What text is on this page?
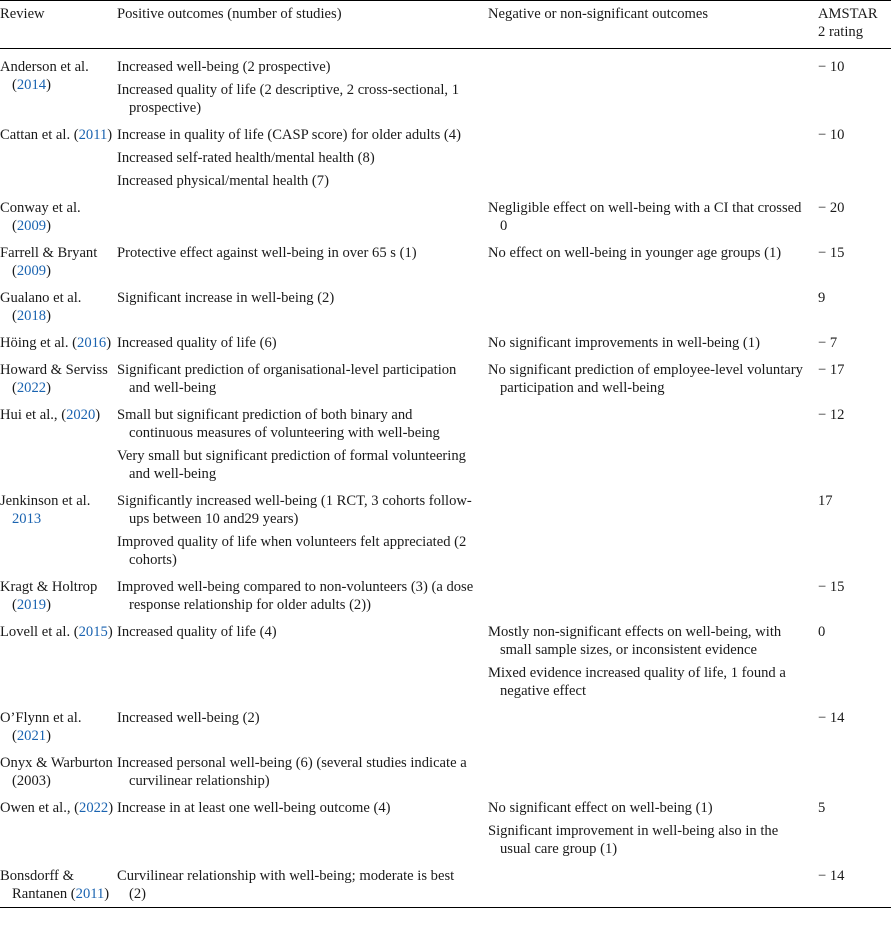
Review	Positive outcomes (number of studies)	Negative or non-significant outcomes	AMSTAR 2 rating

Anderson et al. (2014)	Increased well-being (2 prospective)
Increased quality of life (2 descriptive, 2 cross-sectional, 1 prospective)		− 10

Cattan et al. (2011)	Increase in quality of life (CASP score) for older adults (4)
Increased self-rated health/mental health (8)
Increased physical/mental health (7)		− 10

Conway et al. (2009)		Negligible effect on well-being with a CI that crossed 0	− 20

Farrell & Bryant (2009)	Protective effect against well-being in over 65 s (1)	No effect on well-being in younger age groups (1)	− 15

Gualano et al. (2018)	Significant increase in well-being (2)		9

Höing et al. (2016)	Increased quality of life (6)	No significant improvements in well-being (1)	− 7

Howard & Serviss (2022)	Significant prediction of organisational-level participation and well-being	No significant prediction of employee-level voluntary participation and well-being	− 17

Hui et al., (2020)	Small but significant prediction of both binary and continuous measures of volunteering with well-being
Very small but significant prediction of formal volunteering and well-being		− 12

Jenkinson et al. 2013	Significantly increased well-being (1 RCT, 3 cohorts follow-ups between 10 and29 years)
Improved quality of life when volunteers felt appreciated (2 cohorts)		17

Kragt & Holtrop (2019)	Improved well-being compared to non-volunteers (3) (a dose response relationship for older adults (2))		− 15

Lovell et al. (2015)	Increased quality of life (4)	Mostly non-significant effects on well-being, with small sample sizes, or inconsistent evidence
Mixed evidence increased quality of life, 1 found a negative effect	0

O’Flynn et al. (2021)	Increased well-being (2)		− 14

Onyx & Warburton (2003)	Increased personal well-being (6) (several studies indicate a curvilinear relationship)		

Owen et al., (2022)	Increase in at least one well-being outcome (4)	No significant effect on well-being (1)
Significant improvement in well-being also in the usual care group (1)	5

Bonsdorff & Rantanen (2011)	Curvilinear relationship with well-being; moderate is best (2)		− 14
